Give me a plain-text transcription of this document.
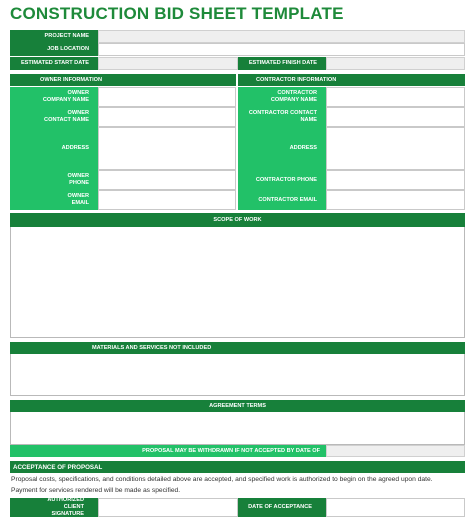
CONSTRUCTION BID SHEET TEMPLATE
PROJECT NAME
JOB LOCATION
ESTIMATED START DATE	ESTIMATED FINISH DATE
OWNER INFORMATION	CONTRACTOR INFORMATION
OWNER COMPANY NAME
OWNER CONTACT NAME
ADDRESS
OWNER PHONE
OWNER EMAIL
CONTRACTOR COMPANY NAME
CONTRACTOR CONTACT NAME
ADDRESS
CONTRACTOR PHONE
CONTRACTOR EMAIL
SCOPE OF WORK
MATERIALS AND SERVICES NOT INCLUDED
AGREEMENT TERMS
PROPOSAL MAY BE WITHDRAWN IF NOT ACCEPTED BY DATE OF
ACCEPTANCE OF PROPOSAL
Proposal costs, specifications, and conditions detailed above are accepted, and specified work is authorized to begin on the agreed upon date.
Payment for services rendered will be made as specified.
AUTHORIZED CLIENT SIGNATURE
DATE OF ACCEPTANCE
